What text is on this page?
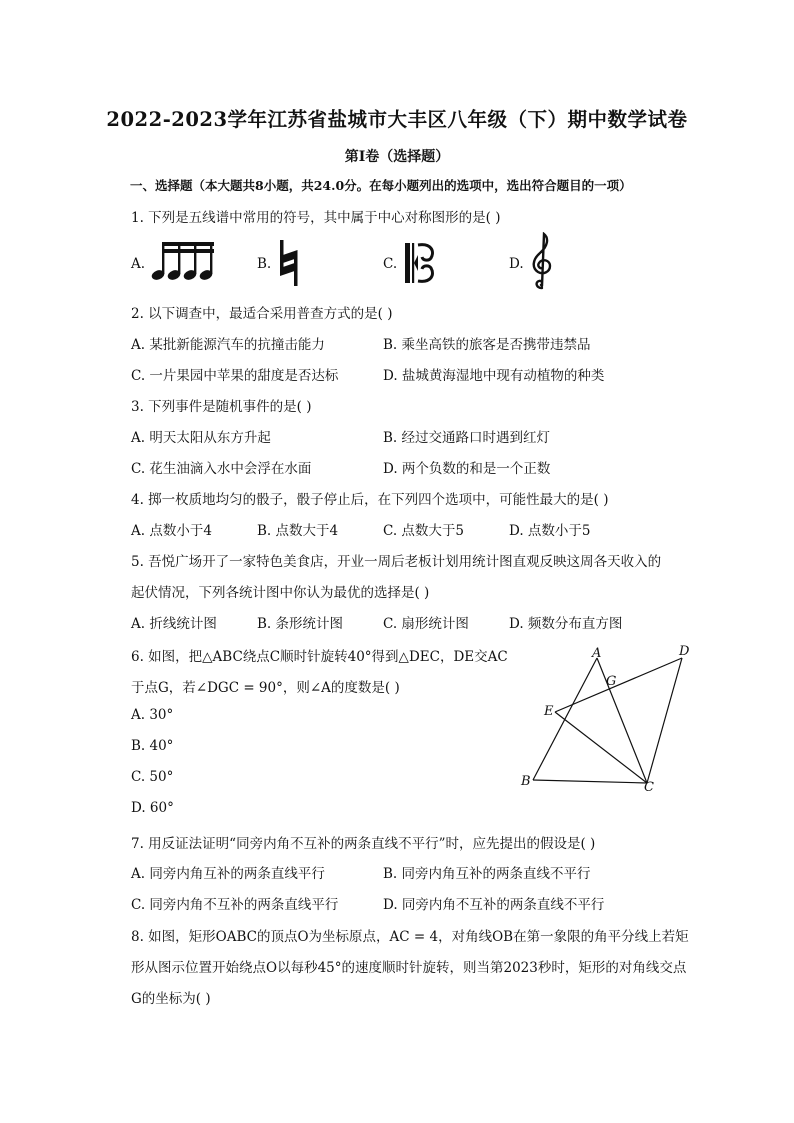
2022-2023学年江苏省盐城市大丰区八年级（下）期中数学试卷
第Ⅰ卷（选择题）
一、选择题（本大题共8小题，共24.0分。在每小题列出的选项中，选出符合题目的一项）
1. 下列是五线谱中常用的符号，其中属于中心对称图形的是( )
A.	B.	C.	D.
2. 以下调查中，最适合采用普查方式的是( )
A. 某批新能源汽车的抗撞击能力	B. 乘坐高铁的旅客是否携带违禁品
C. 一片果园中苹果的甜度是否达标	D. 盐城黄海湿地中现有动植物的种类
3. 下列事件是随机事件的是( )
A. 明天太阳从东方升起	B. 经过交通路口时遇到红灯
C. 花生油滴入水中会浮在水面	D. 两个负数的和是一个正数
4. 掷一枚质地均匀的骰子，骰子停止后，在下列四个选项中，可能性最大的是( )
A. 点数小于4	B. 点数大于4	C. 点数大于5	D. 点数小于5
5. 吾悦广场开了一家特色美食店，开业一周后老板计划用统计图直观反映这周各天收入的
起伏情况，下列各统计图中你认为最优的选择是( )
A. 折线统计图	B. 条形统计图	C. 扇形统计图	D. 频数分布直方图
6. 如图，把△ABC绕点C顺时针旋转40°得到△DEC，DE交AC
于点G，若∠DGC = 90°，则∠A的度数是( )
A. 30°
B. 40°
C. 50°
D. 60°
A	D
G
E
B	C
7. 用反证法证明“同旁内角不互补的两条直线不平行”时，应先提出的假设是( )
A. 同旁内角互补的两条直线平行	B. 同旁内角互补的两条直线不平行
C. 同旁内角不互补的两条直线平行	D. 同旁内角不互补的两条直线不平行
8. 如图，矩形OABC的顶点O为坐标原点，AC = 4，对角线OB在第一象限的角平分线上若矩
形从图示位置开始绕点O以每秒45°的速度顺时针旋转，则当第2023秒时，矩形的对角线交点
G的坐标为( )
